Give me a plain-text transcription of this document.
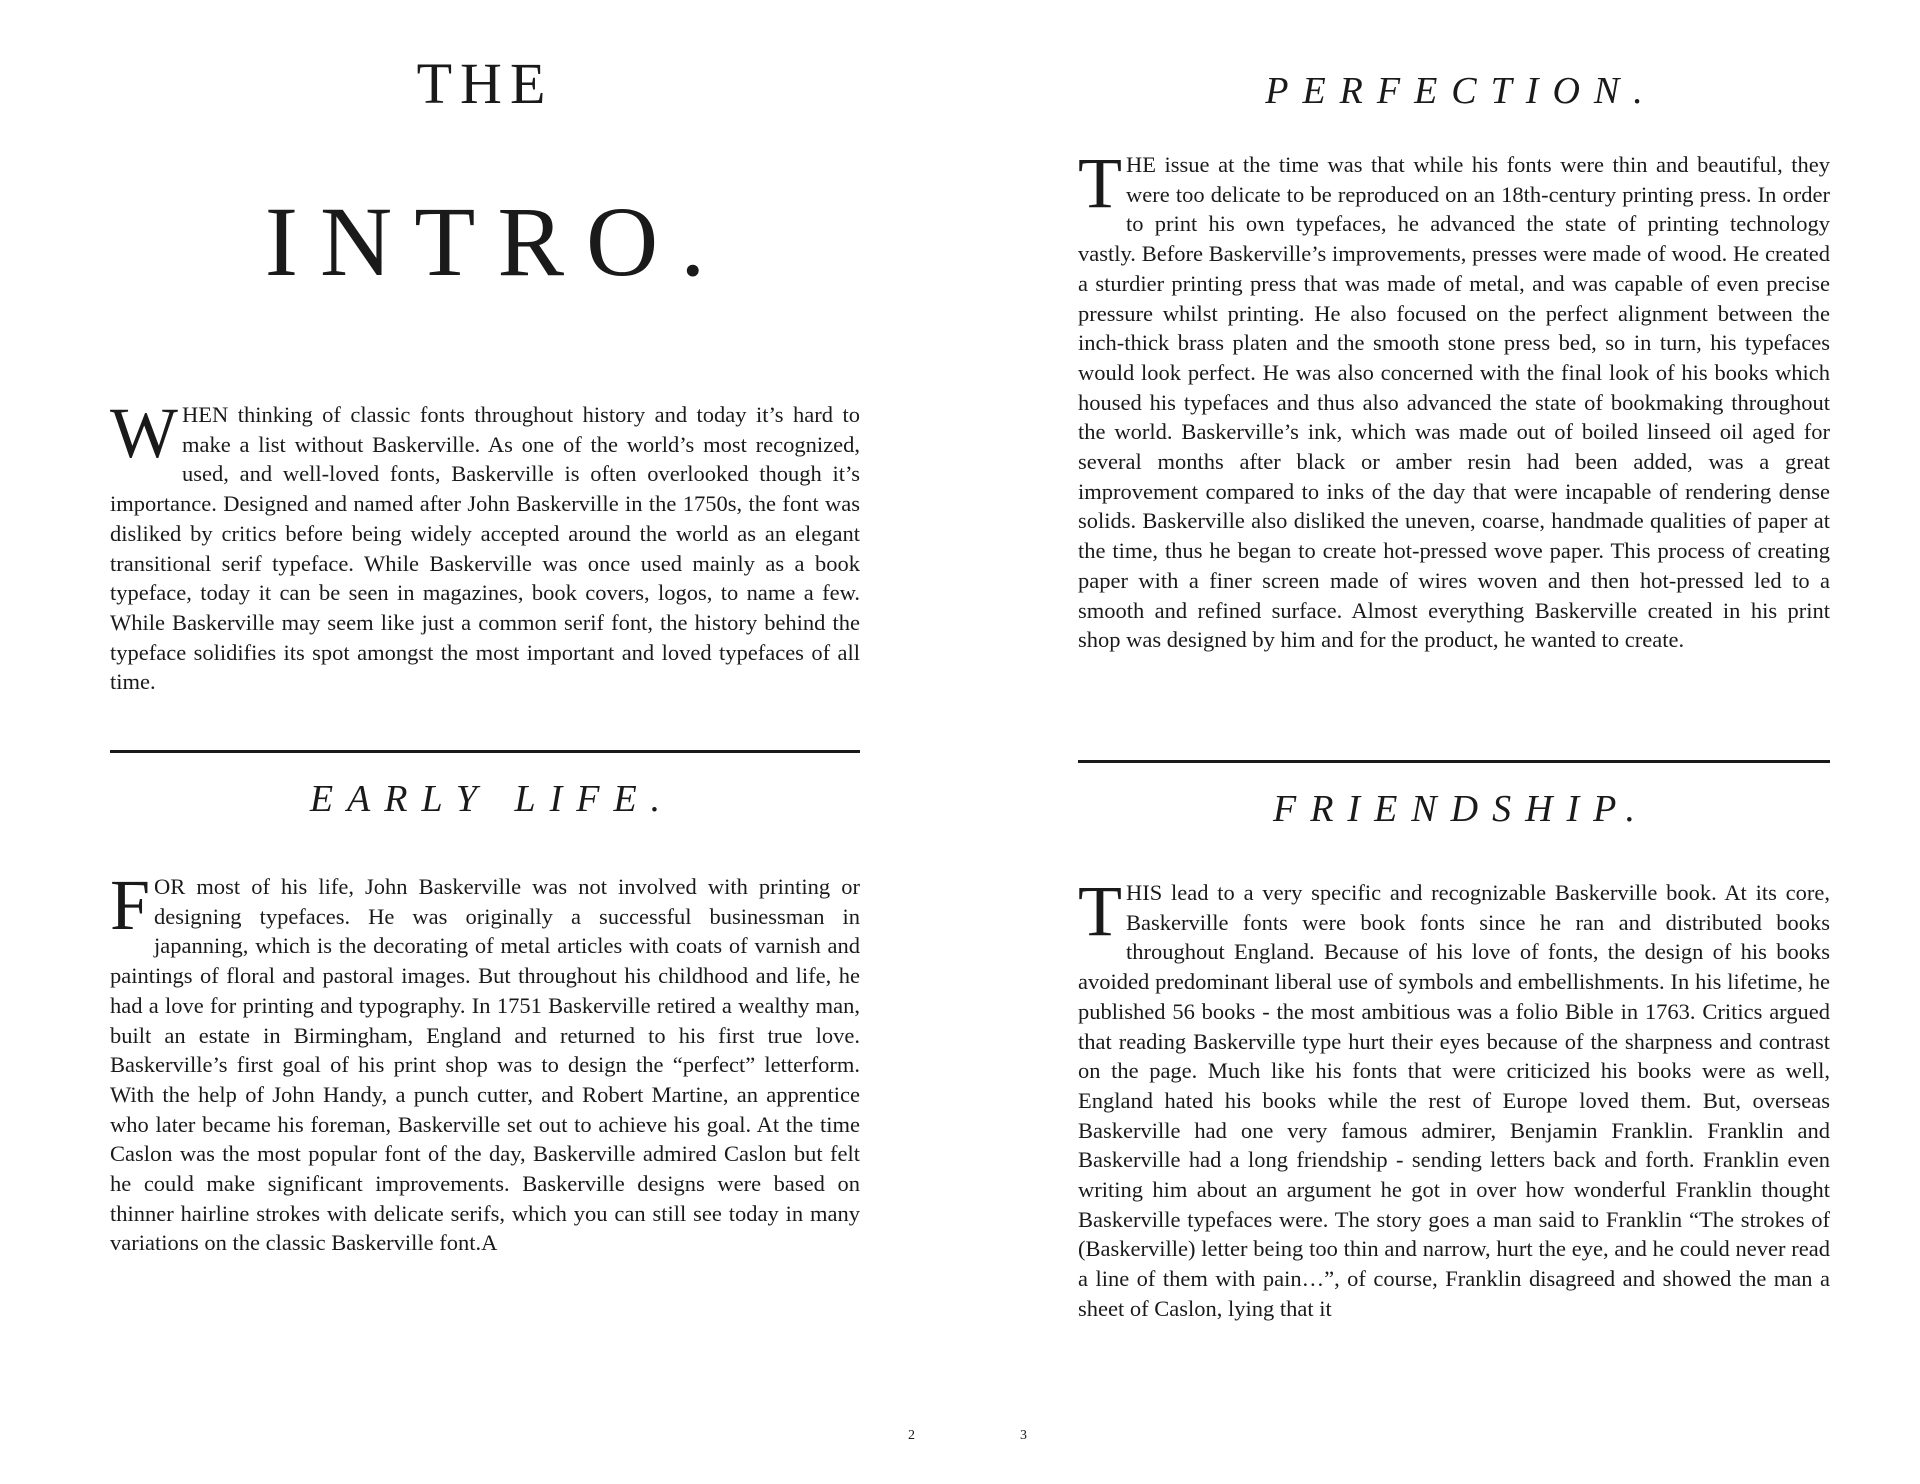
THE
INTRO.
WHEN thinking of classic fonts throughout history and today it’s hard to make a list without Baskerville. As one of the world’s most recognized, used, and well-loved fonts, Baskerville is often overlooked though it’s importance. Designed and named after John Baskerville in the 1750s, the font was disliked by critics before being widely accepted around the world as an elegant transitional serif typeface. While Baskerville was once used mainly as a book typeface, today it can be seen in magazines, book covers, logos, to name a few. While Baskerville may seem like just a common serif font, the history behind the typeface solidifies its spot amongst the most important and loved typefaces of all time.
EARLY LIFE.
FOR most of his life, John Baskerville was not involved with printing or designing typefaces. He was originally a successful businessman in japanning, which is the decorating of metal articles with coats of varnish and paintings of floral and pastoral images. But throughout his childhood and life, he had a love for printing and typography. In 1751 Baskerville retired a wealthy man, built an estate in Birmingham, England and returned to his first true love. Baskerville’s first goal of his print shop was to design the “perfect” letterform. With the help of John Handy, a punch cutter, and Robert Martine, an apprentice who later became his foreman, Baskerville set out to achieve his goal. At the time Caslon was the most popular font of the day, Baskerville admired Caslon but felt he could make significant improvements. Baskerville designs were based on thinner hairline strokes with delicate serifs, which you can still see today in many variations on the classic Baskerville font.A
2
PERFECTION.
THE issue at the time was that while his fonts were thin and beautiful, they were too delicate to be reproduced on an 18th-century printing press. In order to print his own typefaces, he advanced the state of printing technology vastly. Before Baskerville’s improvements, presses were made of wood. He created a sturdier printing press that was made of metal, and was capable of even precise pressure whilst printing. He also focused on the perfect alignment between the inch-thick brass platen and the smooth stone press bed, so in turn, his typefaces would look perfect. He was also concerned with the final look of his books which housed his typefaces and thus also advanced the state of bookmaking throughout the world. Baskerville’s ink, which was made out of boiled linseed oil aged for several months after black or amber resin had been added, was a great improvement compared to inks of the day that were incapable of rendering dense solids. Baskerville also disliked the uneven, coarse, handmade qualities of paper at the time, thus he began to create hot-pressed wove paper. This process of creating paper with a finer screen made of wires woven and then hot-pressed led to a smooth and refined surface. Almost everything Baskerville created in his print shop was designed by him and for the product, he wanted to create.
FRIENDSHIP.
THIS lead to a very specific and recognizable Baskerville book. At its core, Baskerville fonts were book fonts since he ran and distributed books throughout England. Because of his love of fonts, the design of his books avoided predominant liberal use of symbols and embellishments. In his lifetime, he published 56 books - the most ambitious was a folio Bible in 1763. Critics argued that reading Baskerville type hurt their eyes because of the sharpness and contrast on the page. Much like his fonts that were criticized his books were as well, England hated his books while the rest of Europe loved them. But, overseas Baskerville had one very famous admirer, Benjamin Franklin. Franklin and Baskerville had a long friendship - sending letters back and forth. Franklin even writing him about an argument he got in over how wonderful Franklin thought Baskerville typefaces were. The story goes a man said to Franklin “The strokes of (Baskerville) letter being too thin and narrow, hurt the eye, and he could never read a line of them with pain…”, of course, Franklin disagreed and showed the man a sheet of Caslon, lying that it
3
